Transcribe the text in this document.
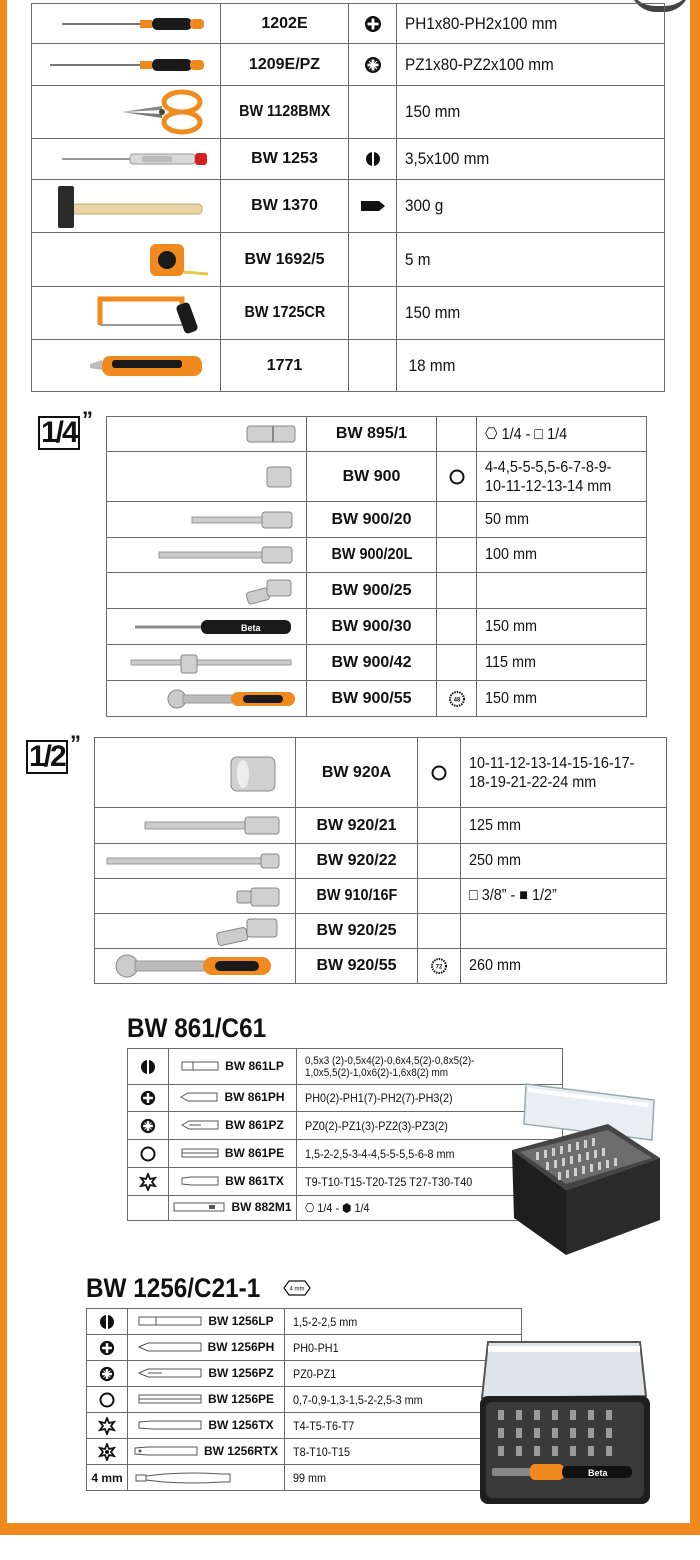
	1202E		PH1x80-PH2x100 mm

	1209E/PZ		PZ1x80-PZ2x100 mm

	BW 1128BMX		150 mm

	BW 1253		3,5x100 mm

	BW 1370		300 g

	BW 1692/5		5 m

	BW 1725CR		150 mm

	1771		18 mm
1/4 ”
	BW 895/1		⎔ 1/4 - □ 1/4

	BW 900		4-4,5-5-5,5-6-7-8-9-
10-11-12-13-14 mm

	BW 900/20		50 mm

	BW 900/20L		100 mm

	BW 900/25		

Beta	BW 900/30		150 mm

	BW 900/42		115 mm

	BW 900/55	48	150 mm
1/2 ”
	BW 920A		10-11-12-13-14-15-16-17-
18-19-21-22-24 mm

	BW 920/21		125 mm

	BW 920/22		250 mm

	BW 910/16F		□ 3/8” - ■ 1/2”

	BW 920/25		

	BW 920/55	72	260 mm
BW 861/C61

BW 861LP	0,5x3 (2)-0,5x4(2)-0,6x4,5(2)-0,8x5(2)-
1,0x5,5(2)-1,0x6(2)-1,6x8(2) mm

BW 861PH	PH0(2)-PH1(7)-PH2(7)-PH3(2)

BW 861PZ	PZ0(2)-PZ1(3)-PZ2(3)-PZ3(2)

BW 861PE	1,5-2-2,5-3-4-4,5-5-5,5-6-8 mm

BW 861TX	T9-T10-T15-T20-T25 T27-T30-T40

	BW 882M1	⎔ 1/4 - ⬢ 1/4
BW 1256/C21-1	4 mm

BW 1256LP	1,5-2-2,5 mm

BW 1256PH	PH0-PH1

BW 1256PZ	PZ0-PZ1

BW 1256PE	0,7-0,9-1,3-1,5-2-2,5-3 mm

BW 1256TX	T4-T5-T6-T7

BW 1256RTX	T8-T10-T15
4 mm		99 mm	Beta
